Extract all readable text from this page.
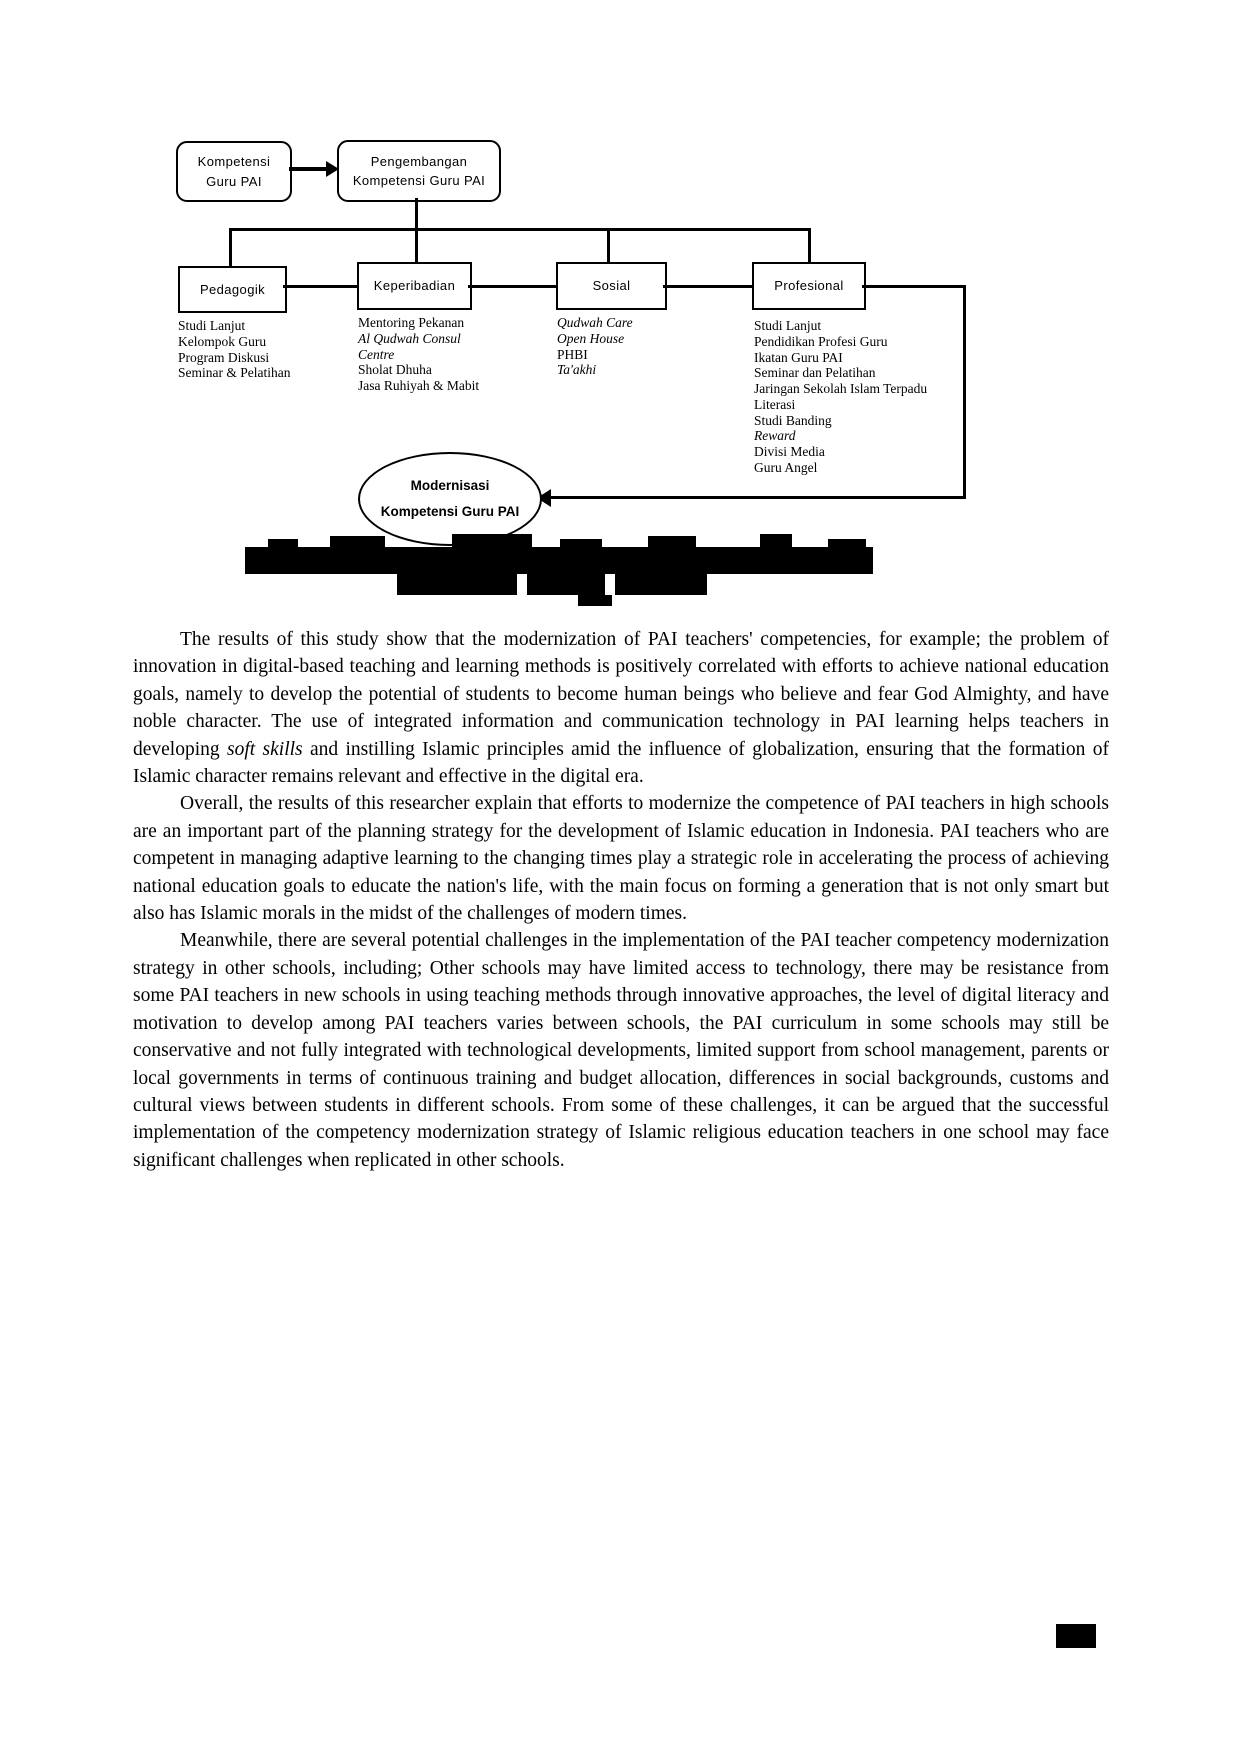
Kompetensi
Guru PAI
Pengembangan
Kompetensi Guru PAI
Pedagogik	Keperibadian	Sosial	Profesional
Studi Lanjut
Kelompok Guru
Program Diskusi
Seminar & Pelatihan
Mentoring Pekanan
Al Qudwah Consul Centre
Sholat Dhuha
Jasa Ruhiyah & Mabit
Qudwah Care
Open House
PHBI
Ta'akhi
Studi Lanjut
Pendidikan Profesi Guru
Ikatan Guru PAI
Seminar dan Pelatihan
Jaringan Sekolah Islam Terpadu
Literasi
Studi Banding
Reward
Divisi Media
Guru Angel
Modernisasi
Kompetensi Guru PAI

The results of this study show that the modernization of PAI teachers' competencies, for example; the problem of innovation in digital-based teaching and learning methods is positively correlated with efforts to achieve national education goals, namely to develop the potential of students to become human beings who believe and fear God Almighty, and have noble character. The use of integrated information and communication technology in PAI learning helps teachers in developing soft skills and instilling Islamic principles amid the influence of globalization, ensuring that the formation of Islamic character remains relevant and effective in the digital era.

Overall, the results of this researcher explain that efforts to modernize the competence of PAI teachers in high schools are an important part of the planning strategy for the development of Islamic education in Indonesia. PAI teachers who are competent in managing adaptive learning to the changing times play a strategic role in accelerating the process of achieving national education goals to educate the nation's life, with the main focus on forming a generation that is not only smart but also has Islamic morals in the midst of the challenges of modern times.

Meanwhile, there are several potential challenges in the implementation of the PAI teacher competency modernization strategy in other schools, including; Other schools may have limited access to technology, there may be resistance from some PAI teachers in new schools in using teaching methods through innovative approaches, the level of digital literacy and motivation to develop among PAI teachers varies between schools, the PAI curriculum in some schools may still be conservative and not fully integrated with technological developments, limited support from school management, parents or local governments in terms of continuous training and budget allocation, differences in social backgrounds, customs and cultural views between students in different schools. From some of these challenges, it can be argued that the successful implementation of the competency modernization strategy of Islamic religious education teachers in one school may face significant challenges when replicated in other schools.
